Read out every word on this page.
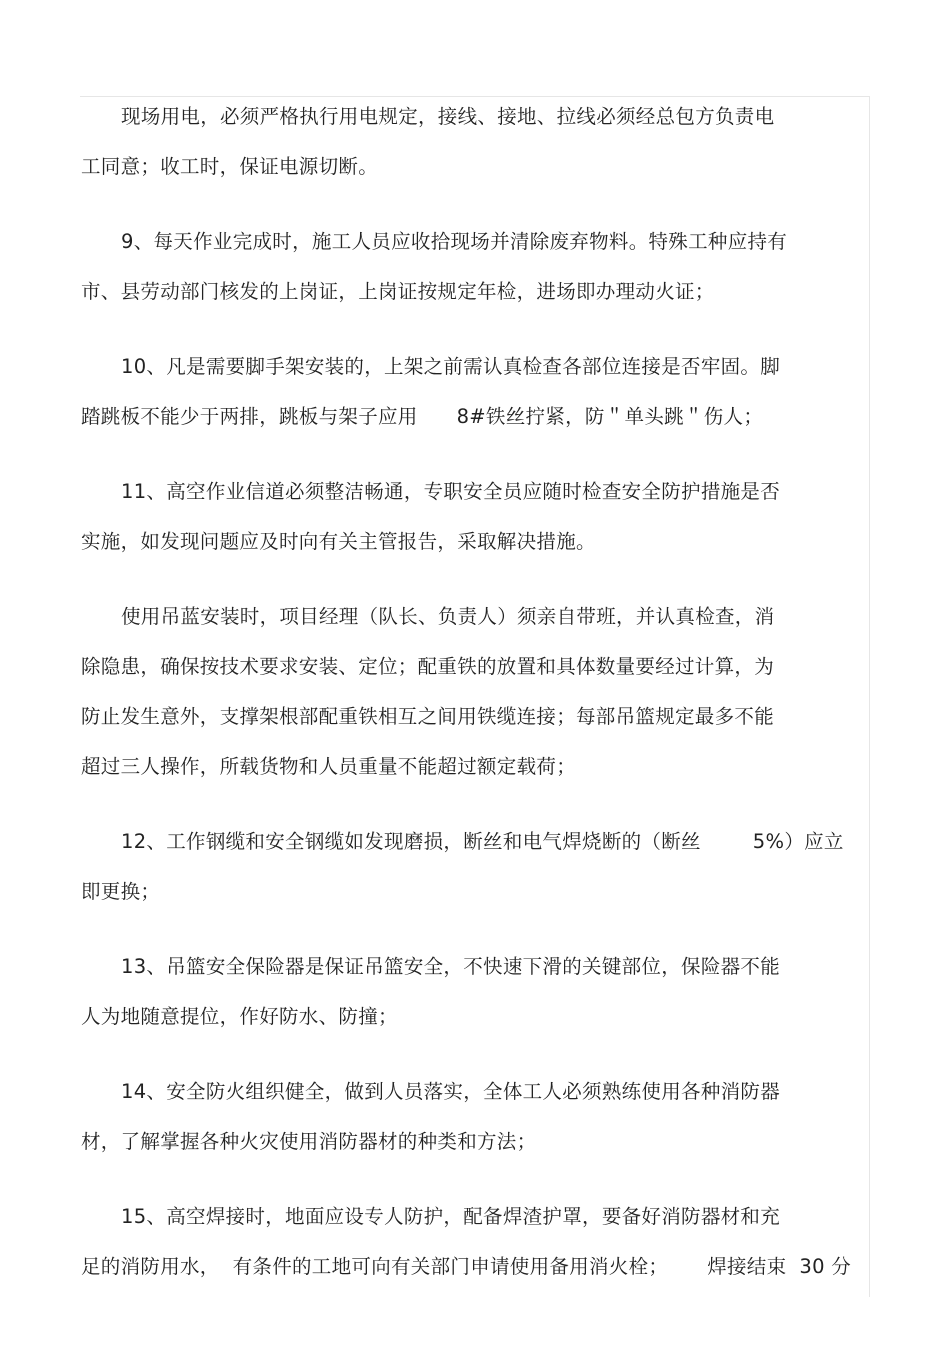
现场用电，必须严格执行用电规定，接线、接地、拉线必须经总包方负责电
工同意；收工时，保证电源切断。
9、每天作业完成时，施工人员应收拾现场并清除废弃物料。特殊工种应持有
市、县劳动部门核发的上岗证，上岗证按规定年检，进场即办理动火证；
10、凡是需要脚手架安装的，上架之前需认真检查各部位连接是否牢固。脚
踏跳板不能少于两排，跳板与架子应用      8#铁丝拧紧，防＂单头跳＂伤人；
11、高空作业信道必须整洁畅通，专职安全员应随时检查安全防护措施是否
实施，如发现问题应及时向有关主管报告，采取解决措施。
使用吊蓝安装时，项目经理（队长、负责人）须亲自带班，并认真检查，消
除隐患，确保按技术要求安装、定位；配重铁的放置和具体数量要经过计算，为
防止发生意外，支撑架根部配重铁相互之间用铁缆连接；每部吊篮规定最多不能
超过三人操作，所载货物和人员重量不能超过额定载荷；
12、工作钢缆和安全钢缆如发现磨损，断丝和电气焊烧断的（断丝        5%）应立
即更换；
13、吊篮安全保险器是保证吊篮安全，不快速下滑的关键部位，保险器不能
人为地随意提位，作好防水、防撞；
14、安全防火组织健全，做到人员落实，全体工人必须熟练使用各种消防器
材，了解掌握各种火灾使用消防器材的种类和方法；
15、高空焊接时，地面应设专人防护，配备焊渣护罩，要备好消防器材和充
足的消防用水，  有条件的工地可向有关部门申请使用备用消火栓；      焊接结束  30 分
